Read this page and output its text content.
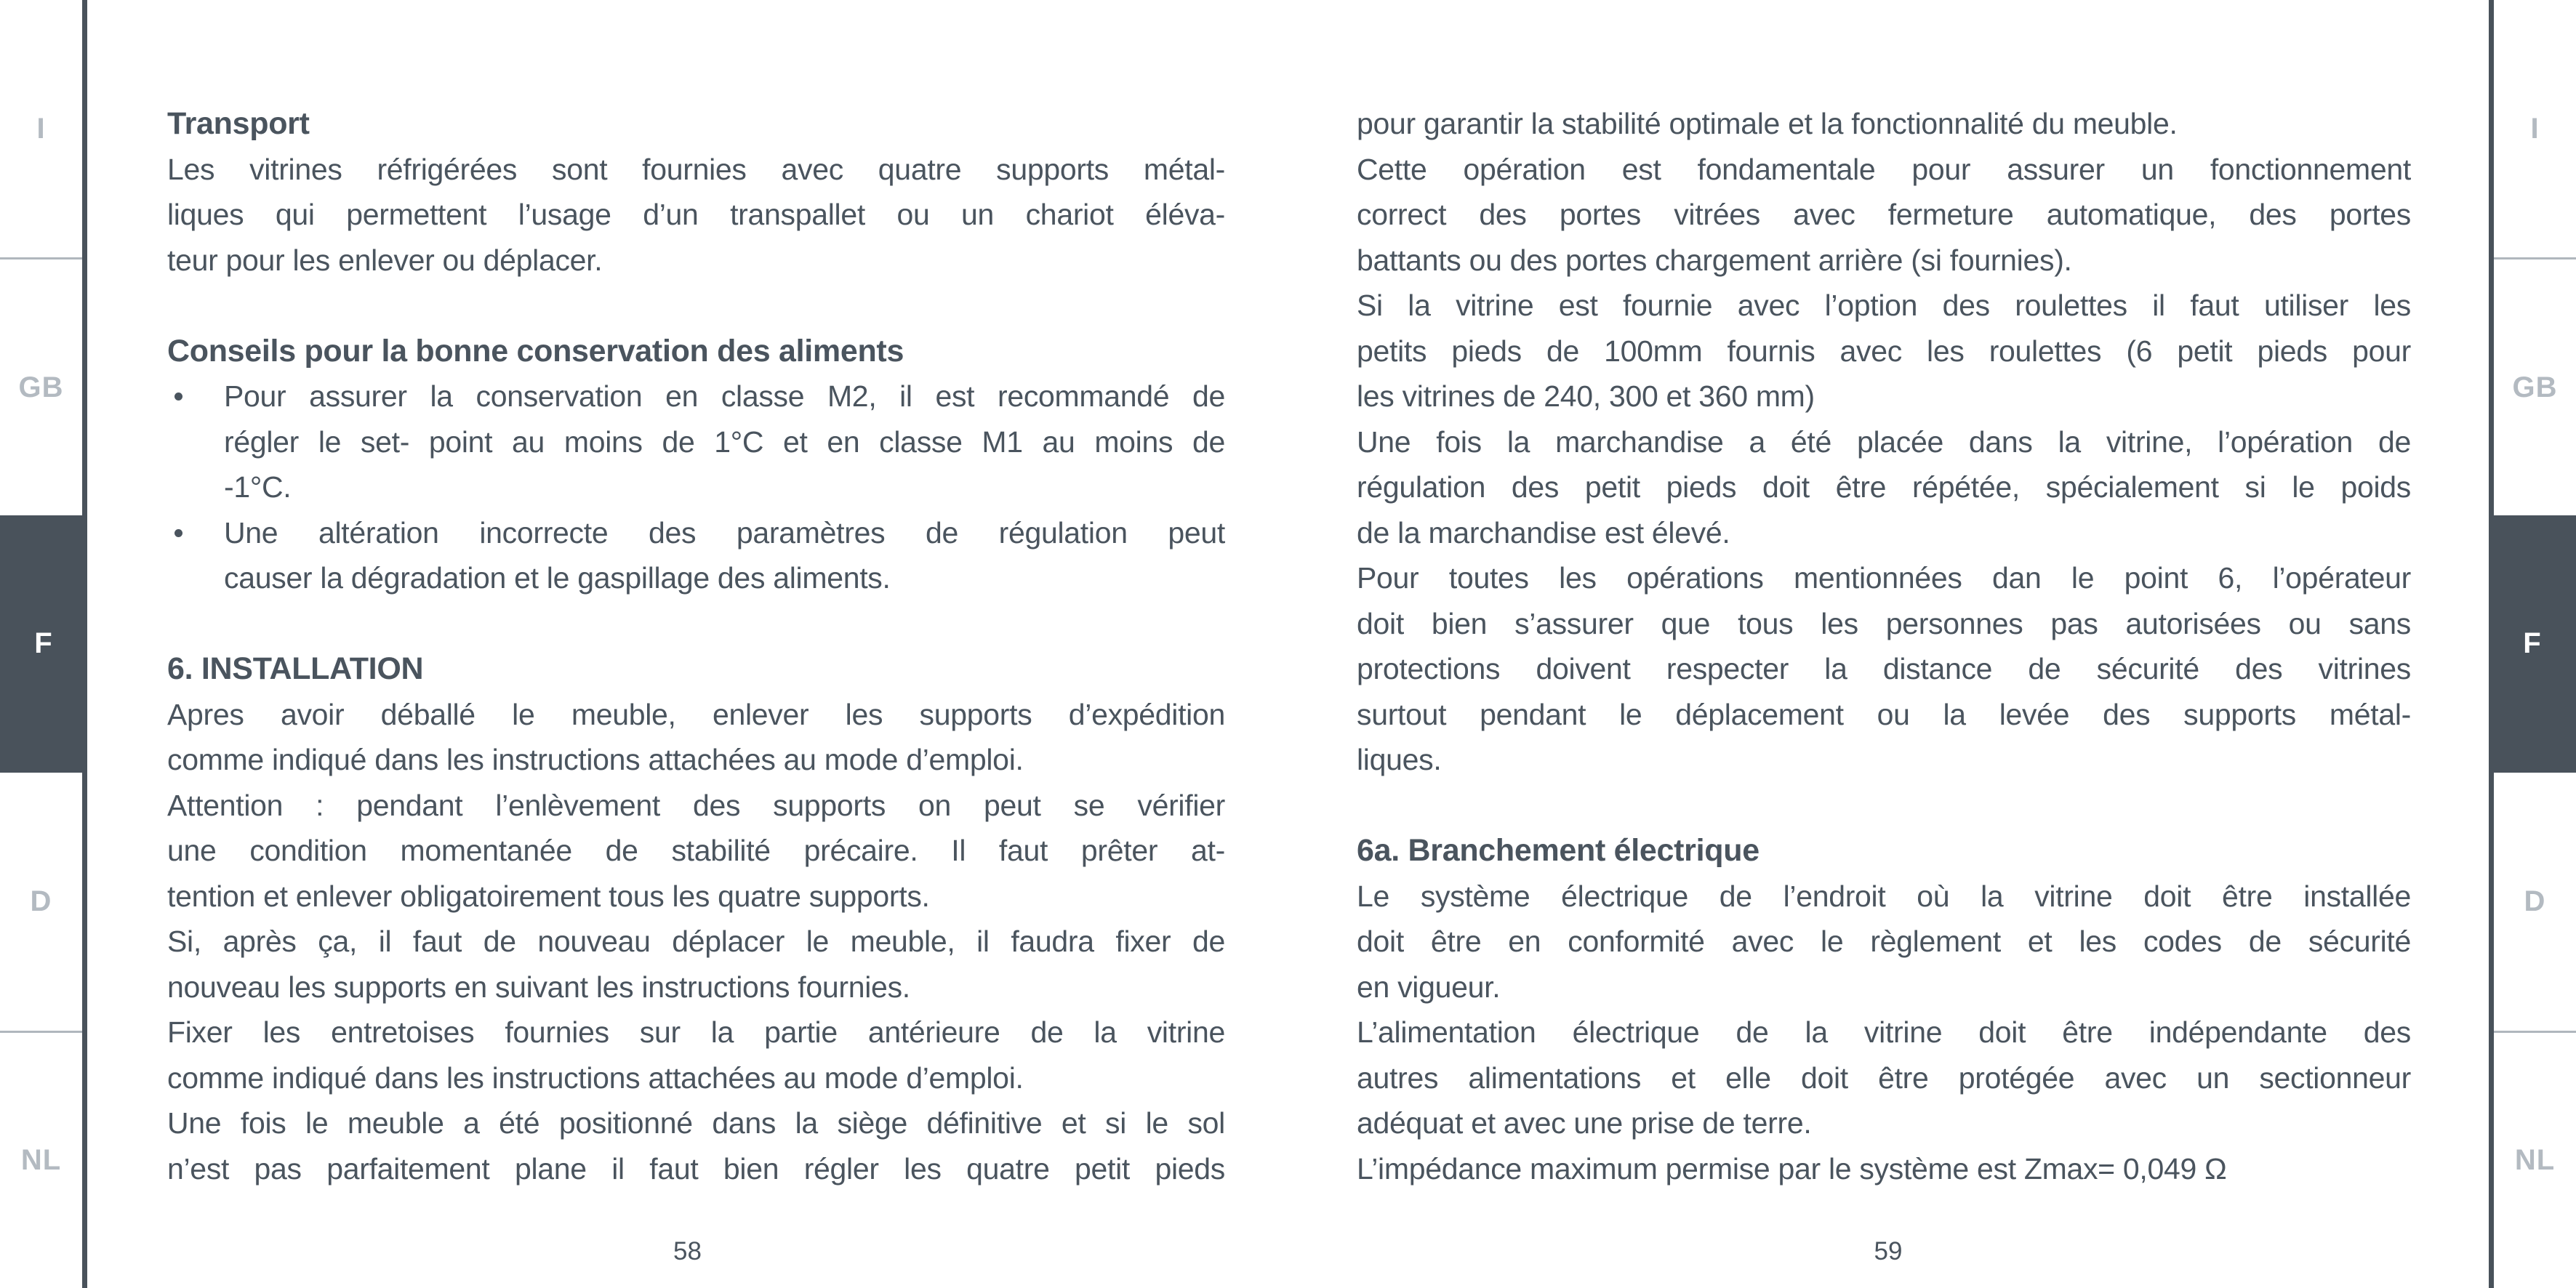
I
GB
F
D
NL
I
GB
F
D
NL
Transport
Les vitrines réfrigérées sont fournies avec quatre supports métal-
liques qui permettent l’usage d’un transpallet ou un chariot éléva-
teur pour les enlever ou déplacer.
Conseils pour la bonne conservation des aliments
Pour assurer la conservation en classe M2, il est recommandé de
régler le set- point au moins de 1°C et en classe M1 au moins de
-1°C.
Une altération incorrecte des paramètres de régulation peut
causer la dégradation et le gaspillage des aliments.
6. INSTALLATION
Apres avoir déballé le meuble, enlever les supports d’expédition
comme indiqué dans les instructions attachées au mode d’emploi.
Attention : pendant l’enlèvement des supports on peut se vérifier
une condition momentanée de stabilité précaire. Il faut prêter at-
tention et enlever obligatoirement tous les quatre supports.
Si, après ça, il faut de nouveau déplacer le meuble, il faudra fixer de
nouveau les supports en suivant les instructions fournies.
Fixer les entretoises fournies sur la partie antérieure de la vitrine
comme indiqué dans les instructions attachées au mode d’emploi.
Une fois le meuble a été positionné dans la siège définitive et si le sol
n’est pas parfaitement plane il faut bien régler les quatre petit pieds
pour garantir la stabilité optimale et la fonctionnalité du meuble.
Cette opération est fondamentale pour assurer un fonctionnement
correct des portes vitrées avec fermeture automatique, des portes
battants ou des portes chargement arrière (si fournies).
Si la vitrine est fournie avec l’option des roulettes il faut utiliser les
petits pieds de 100mm fournis avec les roulettes (6 petit pieds pour
les vitrines de 240, 300 et 360 mm)
Une fois la marchandise a été placée dans la vitrine, l’opération de
régulation des petit pieds doit être répétée, spécialement si le poids
de la marchandise est élevé.
Pour toutes les opérations mentionnées dan le point 6, l’opérateur
doit bien s’assurer que tous les personnes pas autorisées ou sans
protections doivent respecter la distance de sécurité des vitrines
surtout pendant le déplacement ou la levée des supports métal-
liques.
6a. Branchement électrique
Le système électrique de l’endroit où la vitrine doit être installée
doit être en conformité avec le règlement et les codes de sécurité
en vigueur.
L’alimentation électrique de la vitrine doit être indépendante des
autres alimentations et elle doit être protégée avec un sectionneur
adéquat et avec une prise de terre.
L’impédance maximum permise par le système est Zmax= 0,049 Ω
58	59
